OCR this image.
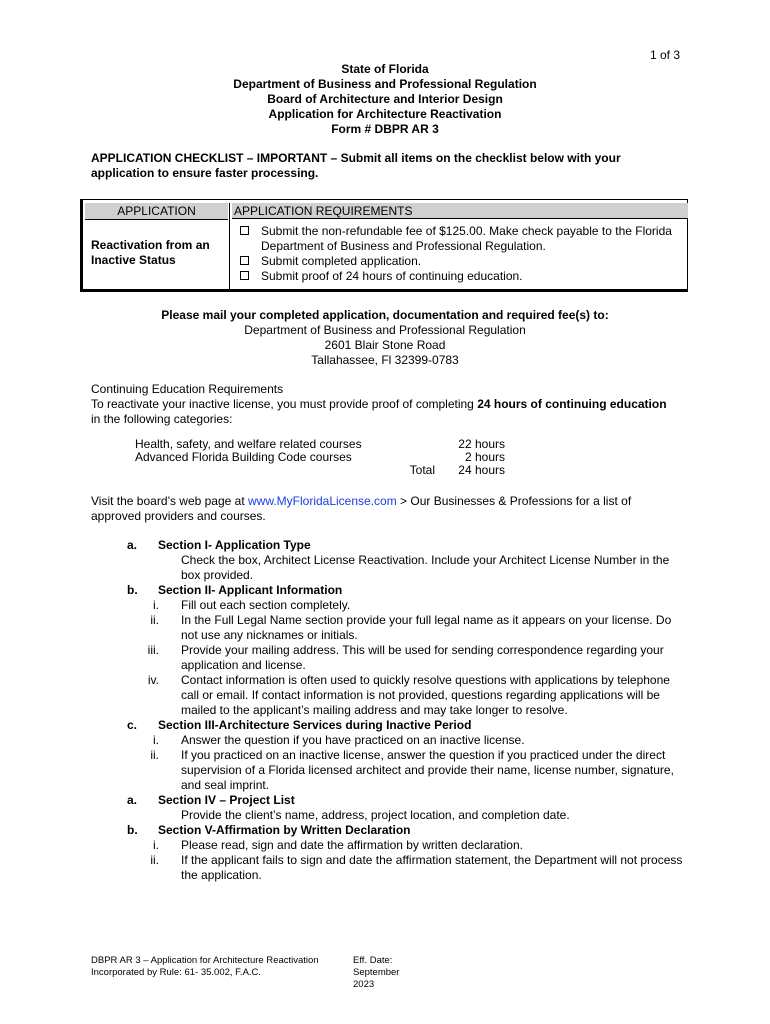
1 of 3
State of Florida
Department of Business and Professional Regulation
Board of Architecture and Interior Design
Application for Architecture Reactivation
Form # DBPR AR 3
APPLICATION CHECKLIST – IMPORTANT – Submit all items on the checklist below with your application to ensure faster processing.
APPLICATION	APPLICATION REQUIREMENTS
Reactivation from an Inactive Status
Submit the non-refundable fee of $125.00. Make check payable to the Florida Department of Business and Professional Regulation.
Submit completed application.
Submit proof of 24 hours of continuing education.
Please mail your completed application, documentation and required fee(s) to:
Department of Business and Professional Regulation
2601 Blair Stone Road
Tallahassee, Fl 32399-0783
Continuing Education Requirements
To reactivate your inactive license, you must provide proof of completing 24 hours of continuing education in the following categories:
Health, safety, and welfare related courses	22 hours
Advanced Florida Building Code courses	2 hours
Total 24 hours
Visit the board’s web page at www.MyFloridaLicense.com > Our Businesses & Professions for a list of approved providers and courses.
a.	Section I- Application Type
Check the box, Architect License Reactivation. Include your Architect License Number in the box provided.
b.	Section II- Applicant Information
i.	Fill out each section completely.
ii.	In the Full Legal Name section provide your full legal name as it appears on your license. Do not use any nicknames or initials.
iii.	Provide your mailing address. This will be used for sending correspondence regarding your application and license.
iv.	Contact information is often used to quickly resolve questions with applications by telephone call or email. If contact information is not provided, questions regarding applications will be mailed to the applicant’s mailing address and may take longer to resolve.
c.	Section III-Architecture Services during Inactive Period
i.	Answer the question if you have practiced on an inactive license.
ii.	If you practiced on an inactive license, answer the question if you practiced under the direct supervision of a Florida licensed architect and provide their name, license number, signature, and seal imprint.
a.	Section IV – Project List
Provide the client’s name, address, project location, and completion date.
b.	Section V-Affirmation by Written Declaration
i.	Please read, sign and date the affirmation by written declaration.
ii.	If the applicant fails to sign and date the affirmation statement, the Department will not process the application.
DBPR AR 3 – Application for Architecture Reactivation
Incorporated by Rule: 61- 35.002, F.A.C.
Eff. Date: September 2023
